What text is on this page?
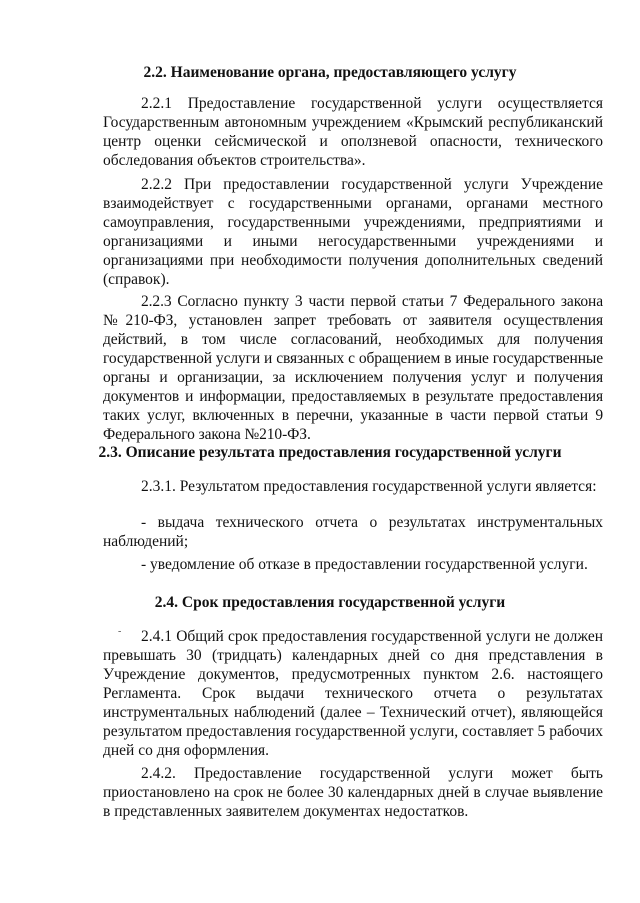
2.2. Наименование органа, предоставляющего услугу

2.2.1 Предоставление государственной услуги осуществляется Государственным автономным учреждением «Крымский республиканский центр оценки сейсмической и оползневой опасности, технического обследования объектов строительства».

2.2.2 При предоставлении государственной услуги Учреждение взаимодействует с государственными органами, органами местного самоуправления, государственными учреждениями, предприятиями и организациями и иными негосударственными учреждениями и организациями при необходимости получения дополнительных сведений (справок).

2.2.3 Согласно пункту 3 части первой статьи 7 Федерального закона №210-ФЗ, установлен запрет требовать от заявителя осуществления действий, в том числе согласований, необходимых для получения государственной услуги и связанных с обращением в иные государственные органы и организации, за исключением получения услуг и получения документов и информации, предоставляемых в результате предоставления таких услуг, включенных в перечни, указанные в части первой статьи 9 Федерального закона №210-ФЗ.

2.3. Описание результата предоставления государственной услуги

2.3.1. Результатом предоставления государственной услуги является:

- выдача технического отчета о результатах инструментальных наблюдений;

- уведомление об отказе в предоставлении государственной услуги.

2.4. Срок предоставления государственной услуги

-	2.4.1 Общий срок предоставления государственной услуги не должен превышать 30 (тридцать) календарных дней со дня представления в Учреждение документов, предусмотренных пунктом 2.6. настоящего Регламента. Срок выдачи технического отчета о результатах инструментальных наблюдений (далее – Технический отчет), являющейся результатом предоставления государственной услуги, составляет 5 рабочих дней со дня оформления.

2.4.2. Предоставление государственной услуги может быть приостановлено на срок не более 30 календарных дней в случае выявление в представленных заявителем документах недостатков.
